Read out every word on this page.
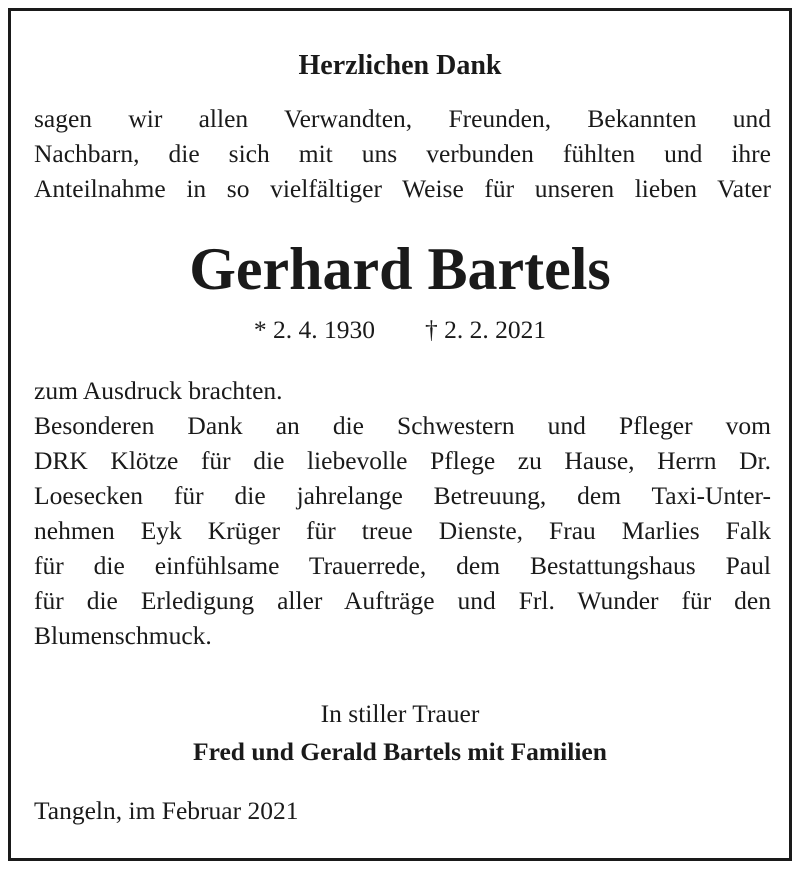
Herzlichen Dank
sagen wir allen Verwandten, Freunden, Bekannten und
Nachbarn, die sich mit uns verbunden fühlten und ihre
Anteilnahme in so vielfältiger Weise für unseren lieben Vater
Gerhard Bartels
* 2. 4. 1930 † 2. 2. 2021
zum Ausdruck brachten.
Besonderen Dank an die Schwestern und Pfleger vom
DRK Klötze für die liebevolle Pflege zu Hause, Herrn Dr.
Loesecken für die jahrelange Betreuung, dem Taxi-Unter-
nehmen Eyk Krüger für treue Dienste, Frau Marlies Falk
für die einfühlsame Trauerrede, dem Bestattungshaus Paul
für die Erledigung aller Aufträge und Frl. Wunder für den
Blumenschmuck.
In stiller Trauer
Fred und Gerald Bartels mit Familien
Tangeln, im Februar 2021
